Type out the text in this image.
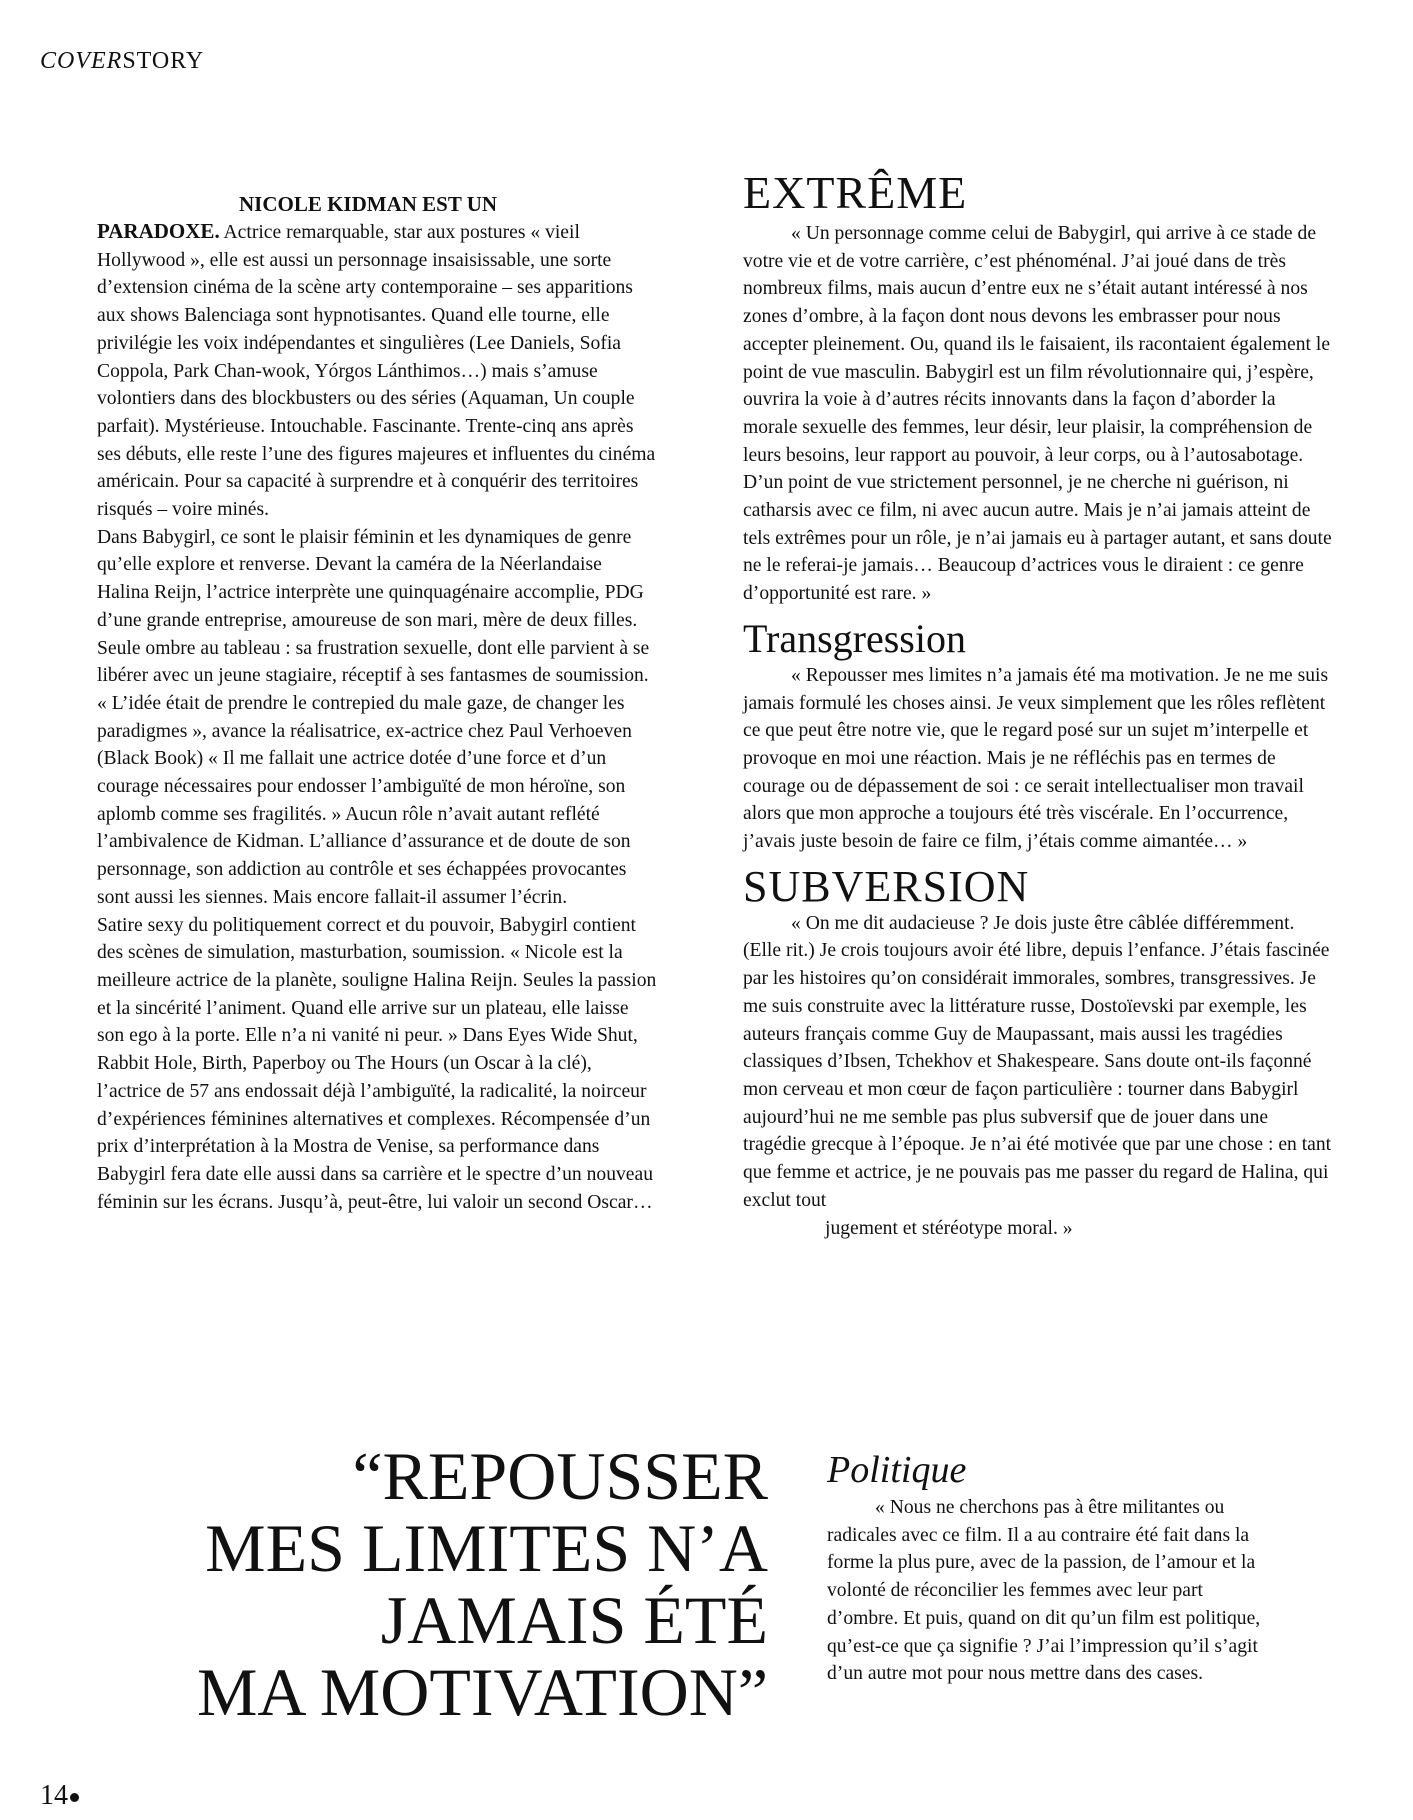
COVERSTORY
NICOLE KIDMAN EST UN

PARADOXE. Actrice remarquable, star aux postures « vieil Hollywood », elle est aussi un personnage insaisissable, une sorte d’extension cinéma de la scène arty contemporaine – ses apparitions aux shows Balenciaga sont hypnotisantes. Quand elle tourne, elle privilégie les voix indépendantes et singulières (Lee Daniels, Sofia Coppola, Park Chan-wook, Yórgos Lánthimos…) mais s’amuse volontiers dans des blockbusters ou des séries (Aquaman, Un couple parfait). Mystérieuse. Intouchable. Fascinante. Trente-cinq ans après ses débuts, elle reste l’une des figures majeures et influentes du cinéma américain. Pour sa capacité à surprendre et à conquérir des territoires risqués – voire minés.

Dans Babygirl, ce sont le plaisir féminin et les dynamiques de genre qu’elle explore et renverse. Devant la caméra de la Néerlandaise Halina Reijn, l’actrice interprète une quinquagénaire accomplie, PDG d’une grande entreprise, amoureuse de son mari, mère de deux filles. Seule ombre au tableau : sa frustration sexuelle, dont elle parvient à se libérer avec un jeune stagiaire, réceptif à ses fantasmes de soumission. « L’idée était de prendre le contrepied du male gaze, de changer les paradigmes », avance la réalisatrice, ex-actrice chez Paul Verhoeven (Black Book) « Il me fallait une actrice dotée d’une force et d’un courage nécessaires pour endosser l’ambiguïté de mon héroïne, son aplomb comme ses fragilités. » Aucun rôle n’avait autant reflété l’ambivalence de Kidman. L’alliance d’assurance et de doute de son personnage, son addiction au contrôle et ses échappées provocantes sont aussi les siennes. Mais encore fallait-il assumer l’écrin.

Satire sexy du politiquement correct et du pouvoir, Babygirl contient des scènes de simulation, masturbation, soumission. « Nicole est la meilleure actrice de la planète, souligne Halina Reijn. Seules la passion et la sincérité l’animent. Quand elle arrive sur un plateau, elle laisse son ego à la porte. Elle n’a ni vanité ni peur. » Dans Eyes Wide Shut, Rabbit Hole, Birth, Paperboy ou The Hours (un Oscar à la clé), l’actrice de 57 ans endossait déjà l’ambiguïté, la radicalité, la noirceur d’expériences féminines alternatives et complexes. Récompensée d’un prix d’interprétation à la Mostra de Venise, sa performance dans Babygirl fera date elle aussi dans sa carrière et le spectre d’un nouveau féminin sur les écrans. Jusqu’à, peut-être, lui valoir un second Oscar…

EXTRÊME

« Un personnage comme celui de Babygirl, qui arrive à ce stade de votre vie et de votre carrière, c’est phénoménal. J’ai joué dans de très nombreux films, mais aucun d’entre eux ne s’était autant intéressé à nos zones d’ombre, à la façon dont nous devons les embrasser pour nous accepter pleinement. Ou, quand ils le faisaient, ils racontaient également le point de vue masculin. Babygirl est un film révolutionnaire qui, j’espère, ouvrira la voie à d’autres récits innovants dans la façon d’aborder la morale sexuelle des femmes, leur désir, leur plaisir, la compréhension de leurs besoins, leur rapport au pouvoir, à leur corps, ou à l’autosabotage. D’un point de vue strictement personnel, je ne cherche ni guérison, ni catharsis avec ce film, ni avec aucun autre. Mais je n’ai jamais atteint de tels extrêmes pour un rôle, je n’ai jamais eu à partager autant, et sans doute ne le referai-je jamais… Beaucoup d’actrices vous le diraient : ce genre d’opportunité est rare. »

Transgression

« Repousser mes limites n’a jamais été ma motivation. Je ne me suis jamais formulé les choses ainsi. Je veux simplement que les rôles reflètent ce que peut être notre vie, que le regard posé sur un sujet m’interpelle et provoque en moi une réaction. Mais je ne réfléchis pas en termes de courage ou de dépassement de soi : ce serait intellectualiser mon travail alors que mon approche a toujours été très viscérale. En l’occurrence, j’avais juste besoin de faire ce film, j’étais comme aimantée… »

SUBVERSION

« On me dit audacieuse ? Je dois juste être câblée différemment. (Elle rit.) Je crois toujours avoir été libre, depuis l’enfance. J’étais fascinée par les histoires qu’on considérait immorales, sombres, transgressives. Je me suis construite avec la littérature russe, Dostoïevski par exemple, les auteurs français comme Guy de Maupassant, mais aussi les tragédies classiques d’Ibsen, Tchekhov et Shakespeare. Sans doute ont-ils façonné mon cerveau et mon cœur de façon particulière : tourner dans Babygirl aujourd’hui ne me semble pas plus subversif que de jouer dans une tragédie grecque à l’époque. Je n’ai été motivée que par une chose : en tant que femme et actrice, je ne pouvais pas me passer du regard de Halina, qui exclut tout

jugement et stéréotype moral. »

Politique

« Nous ne cherchons pas à être militantes ou radicales avec ce film. Il a au contraire été fait dans la forme la plus pure, avec de la passion, de l’amour et la volonté de réconcilier les femmes avec leur part d’ombre. Et puis, quand on dit qu’un film est politique, qu’est-ce que ça signifie ? J’ai l’impression qu’il s’agit d’un autre mot pour nous mettre dans des cases.

“REPOUSSER
MES LIMITES N’A
JAMAIS ÉTÉ
MA MOTIVATION”
14
